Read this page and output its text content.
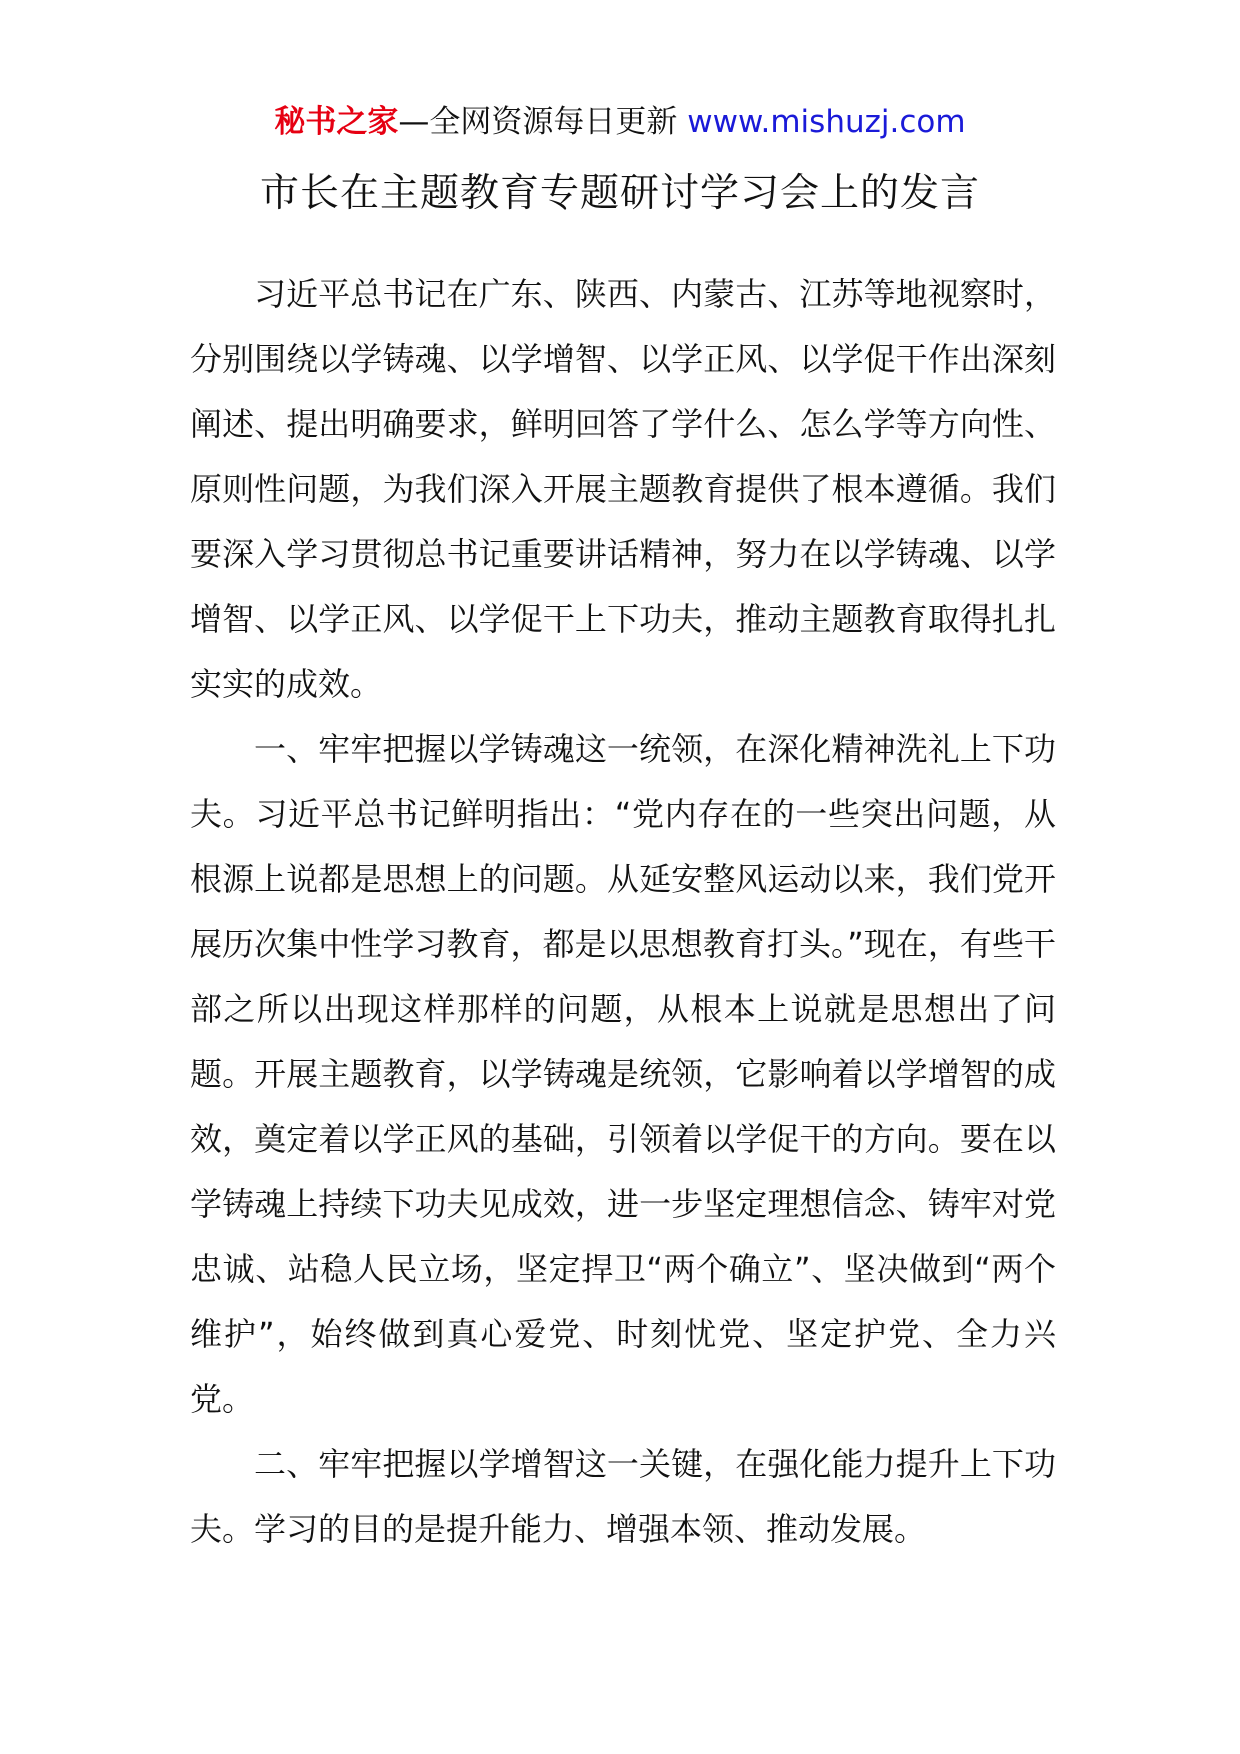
秘书之家—全网资源每日更新 www.mishuzj.com
市长在主题教育专题研讨学习会上的发言

习近平总书记在广东、陕西、内蒙古、江苏等地视察时，分别围绕以学铸魂、以学增智、以学正风、以学促干作出深刻阐述、提出明确要求，鲜明回答了学什么、怎么学等方向性、原则性问题，为我们深入开展主题教育提供了根本遵循。我们要深入学习贯彻总书记重要讲话精神，努力在以学铸魂、以学增智、以学正风、以学促干上下功夫，推动主题教育取得扎扎实实的成效。

一、牢牢把握以学铸魂这一统领，在深化精神洗礼上下功夫。习近平总书记鲜明指出：“党内存在的一些突出问题，从根源上说都是思想上的问题。从延安整风运动以来，我们党开展历次集中性学习教育，都是以思想教育打头。”现在，有些干部之所以出现这样那样的问题，从根本上说就是思想出了问题。开展主题教育，以学铸魂是统领，它影响着以学增智的成效，奠定着以学正风的基础，引领着以学促干的方向。要在以学铸魂上持续下功夫见成效，进一步坚定理想信念、铸牢对党忠诚、站稳人民立场，坚定捍卫“两个确立”、坚决做到“两个维护”，始终做到真心爱党、时刻忧党、坚定护党、全力兴党。

二、牢牢把握以学增智这一关键，在强化能力提升上下功夫。学习的目的是提升能力、增强本领、推动发展。
